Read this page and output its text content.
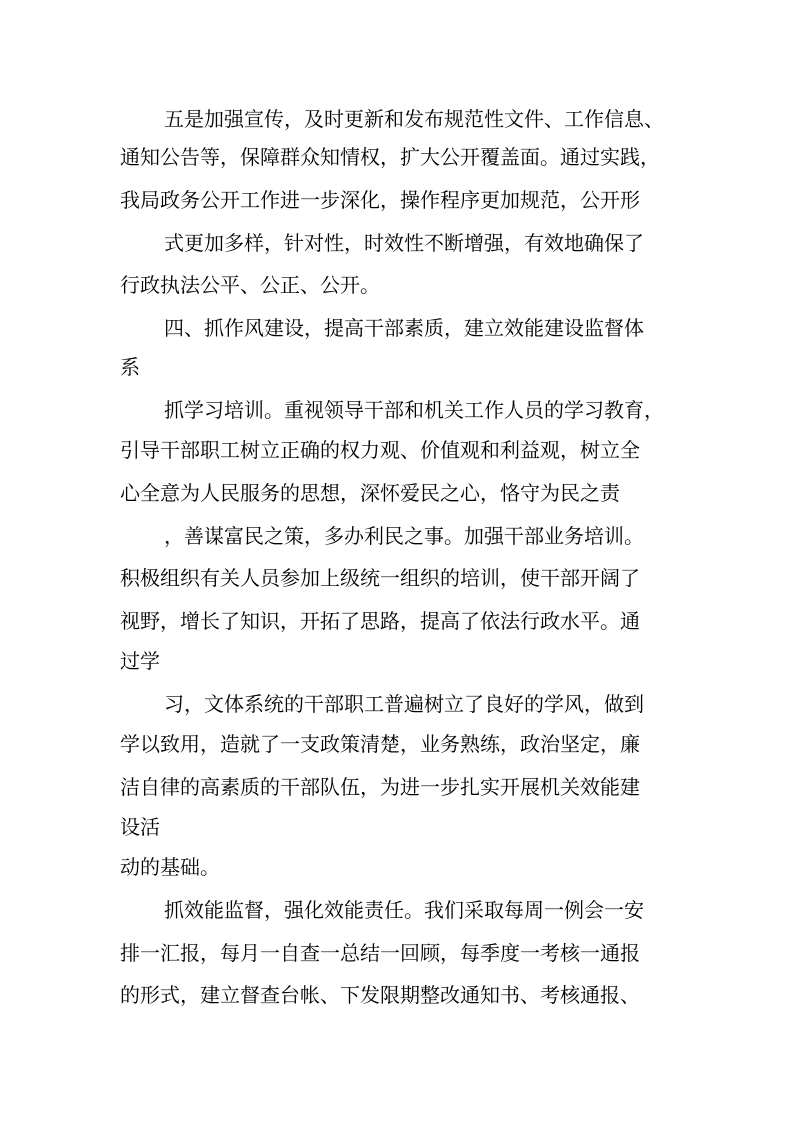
五是加强宣传，及时更新和发布规范性文件、工作信息、
通知公告等，保障群众知情权，扩大公开覆盖面。通过实践，
我局政务公开工作进一步深化，操作程序更加规范，公开形
式更加多样，针对性，时效性不断增强，有效地确保了
行政执法公平、公正、公开。
四、抓作风建设，提高干部素质，建立效能建设监督体
系
抓学习培训。重视领导干部和机关工作人员的学习教育，
引导干部职工树立正确的权力观、价值观和利益观，树立全
心全意为人民服务的思想，深怀爱民之心，恪守为民之责
，善谋富民之策，多办利民之事。加强干部业务培训。
积极组织有关人员参加上级统一组织的培训，使干部开阔了
视野，增长了知识，开拓了思路，提高了依法行政水平。通
过学
习，文体系统的干部职工普遍树立了良好的学风，做到
学以致用，造就了一支政策清楚，业务熟练，政治坚定，廉
洁自律的高素质的干部队伍，为进一步扎实开展机关效能建
设活
动的基础。
抓效能监督，强化效能责任。我们采取每周一例会一安
排一汇报，每月一自查一总结一回顾，每季度一考核一通报
的形式，建立督查台帐、下发限期整改通知书、考核通报、
